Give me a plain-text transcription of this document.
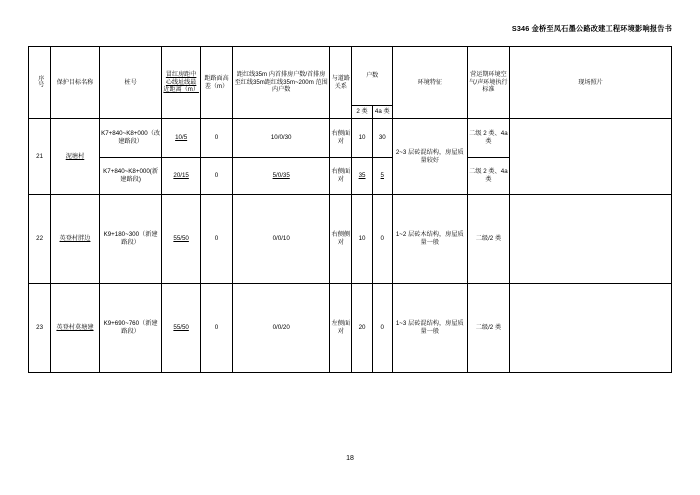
S346 金桥至凤石墨公路改建工程环境影响报告书
序号	保护目标名称	桩号	冒红房距中心线址线最近距离（m）	距路面高差（m）	距红线35m 内首排房户数/首排房至红线35m距红线35m~200m 范围内户数	与道路关系	户数		环境特征	营运期环境空气/声环境执行标准	现场照片
							2 类	4a 类			
21	泥塘村	K7+840~K8+000（改建路段）	10/5	0	10/0/30	右侧面对	10	30	2~3 层砖混结构，房屋质量较好	二级 2 类、4a 类	

		K7+840~K8+000(新建路段)	20/15	0	5/0/35	右侧面对	35	5		二级 2 类、4a 类	
22	英登村胖边	K9+180~300（新建路段）	55/50	0	0/0/10	右侧侧对	10	0	1~2 层砖木结构，房屋质量一般	二级/2 类	

23	英登村莫塘建	K9+690~760（新建路段）	55/50	0	0/0/20	左侧面对	20	0	1~3 层砖混结构，房屋质量一般	二级/2 类	
18
